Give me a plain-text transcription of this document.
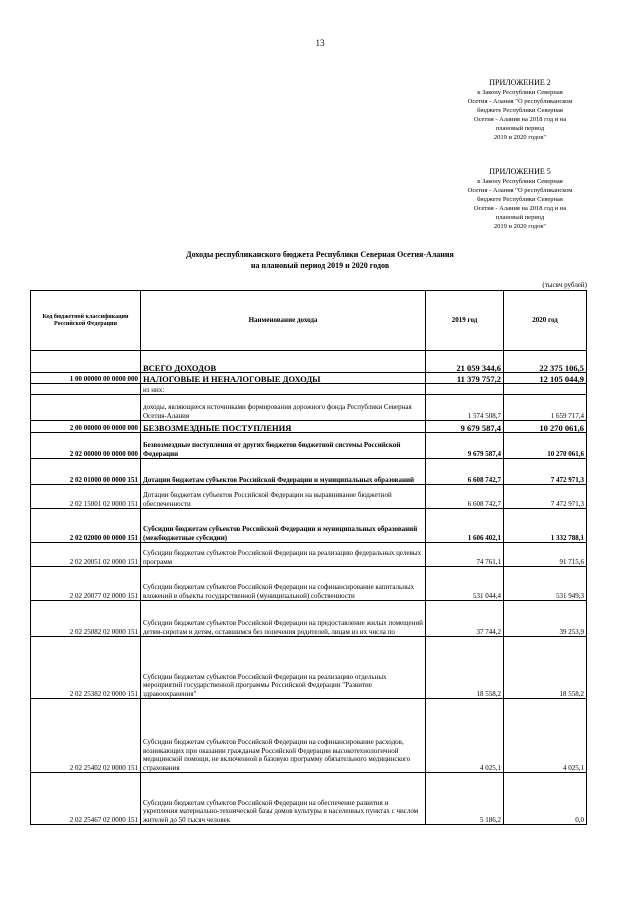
13
ПРИЛОЖЕНИЕ 2
к Закону Республики Северная
Осетия - Алания "О республиканском
бюджете Республики Северная
Осетия - Алания на 2018 год и на
плановый период
2019 и 2020 годов"
ПРИЛОЖЕНИЕ 5
к Закону Республики Северная
Осетия - Алания "О республиканском
бюджете Республики Северная
Осетия - Алания на 2018 год и на
плановый период
2019 и 2020 годов"
Доходы республиканского бюджета Республики Северная Осетия-Алания
на плановый период 2019 и 2020 годов
(тысяч рублей)
Код бюджетной классификации Российской Федерации	Наименование дохода	2019 год	2020 год
	ВСЕГО ДОХОДОВ	21 059 344,6	22 375 106,5
1 00 00000 00 0000 000	НАЛОГОВЫЕ И НЕНАЛОГОВЫЕ ДОХОДЫ	11 379 757,2	12 105 044,9
	из них:		
	доходы, являющиеся источниками формирования дорожного фонда Республики Северная Осетия-Алания	1 574 508,7	1 659 717,4
2 00 00000 00 0000 000	БЕЗВОЗМЕЗДНЫЕ ПОСТУПЛЕНИЯ	9 679 587,4	10 270 061,6
2 02 00000 00 0000 000	Безвозмездные поступления от других бюджетов бюджетной системы Российской Федерации	9 679 587,4	10 270 061,6
2 02 01000 00 0000 151	Дотации бюджетам субъектов Российской Федерации и муниципальных образований	6 608 742,7	7 472 971,3
2 02 15001 02 0000 151	Дотации бюджетам субъектов Российской Федерации на выравнивание бюджетной обеспеченности	6 608 742,7	7 472 971,3
2 02 02000 00 0000 151	Субсидии бюджетам субъектов Российской Федерации и муниципальных образований (межбюджетные субсидии)	1 606 402,1	1 332 788,1
2 02 20051 02 0000 151	Субсидии бюджетам субъектов Российской Федерации на реализацию федеральных целевых программ	74 761,1	91 715,6
2 02 20077 02 0000 151	Субсидии бюджетам субъектов Российской Федерации на софинансирование капитальных вложений в объекты государственной (муниципальной) собственности	531 044,4	531 949,3
2 02 25082 02 0000 151	Субсидии бюджетам субъектов Российской Федерации на предоставление жилых помещений детям-сиротам и детям, оставшимся без попечения родителей, лицам из их числа по	37 744,2	39 253,9
2 02 25382 02 0000 151	Субсидии бюджетам субъектов Российской Федерации на реализацию отдельных мероприятий государственной программы Российской Федерации "Развитие здравоохранения"	18 558,2	18 558,2
2 02 25402 02 0000 151	Субсидии бюджетам субъектов Российской Федерации на софинансирование расходов, возникающих при оказании гражданам Российской Федерации высокотехнологичной медицинской помощи, не включенной в базовую программу обязательного медицинского страхования	4 025,1	4 025,1
2 02 25467 02 0000 151	Субсидии бюджетам субъектов Российской Федерации на обеспечение развития и укрепления материально-технической базы домов культуры в населенных пунктах с числом жителей до 50 тысяч человек	5 186,2	0,0
